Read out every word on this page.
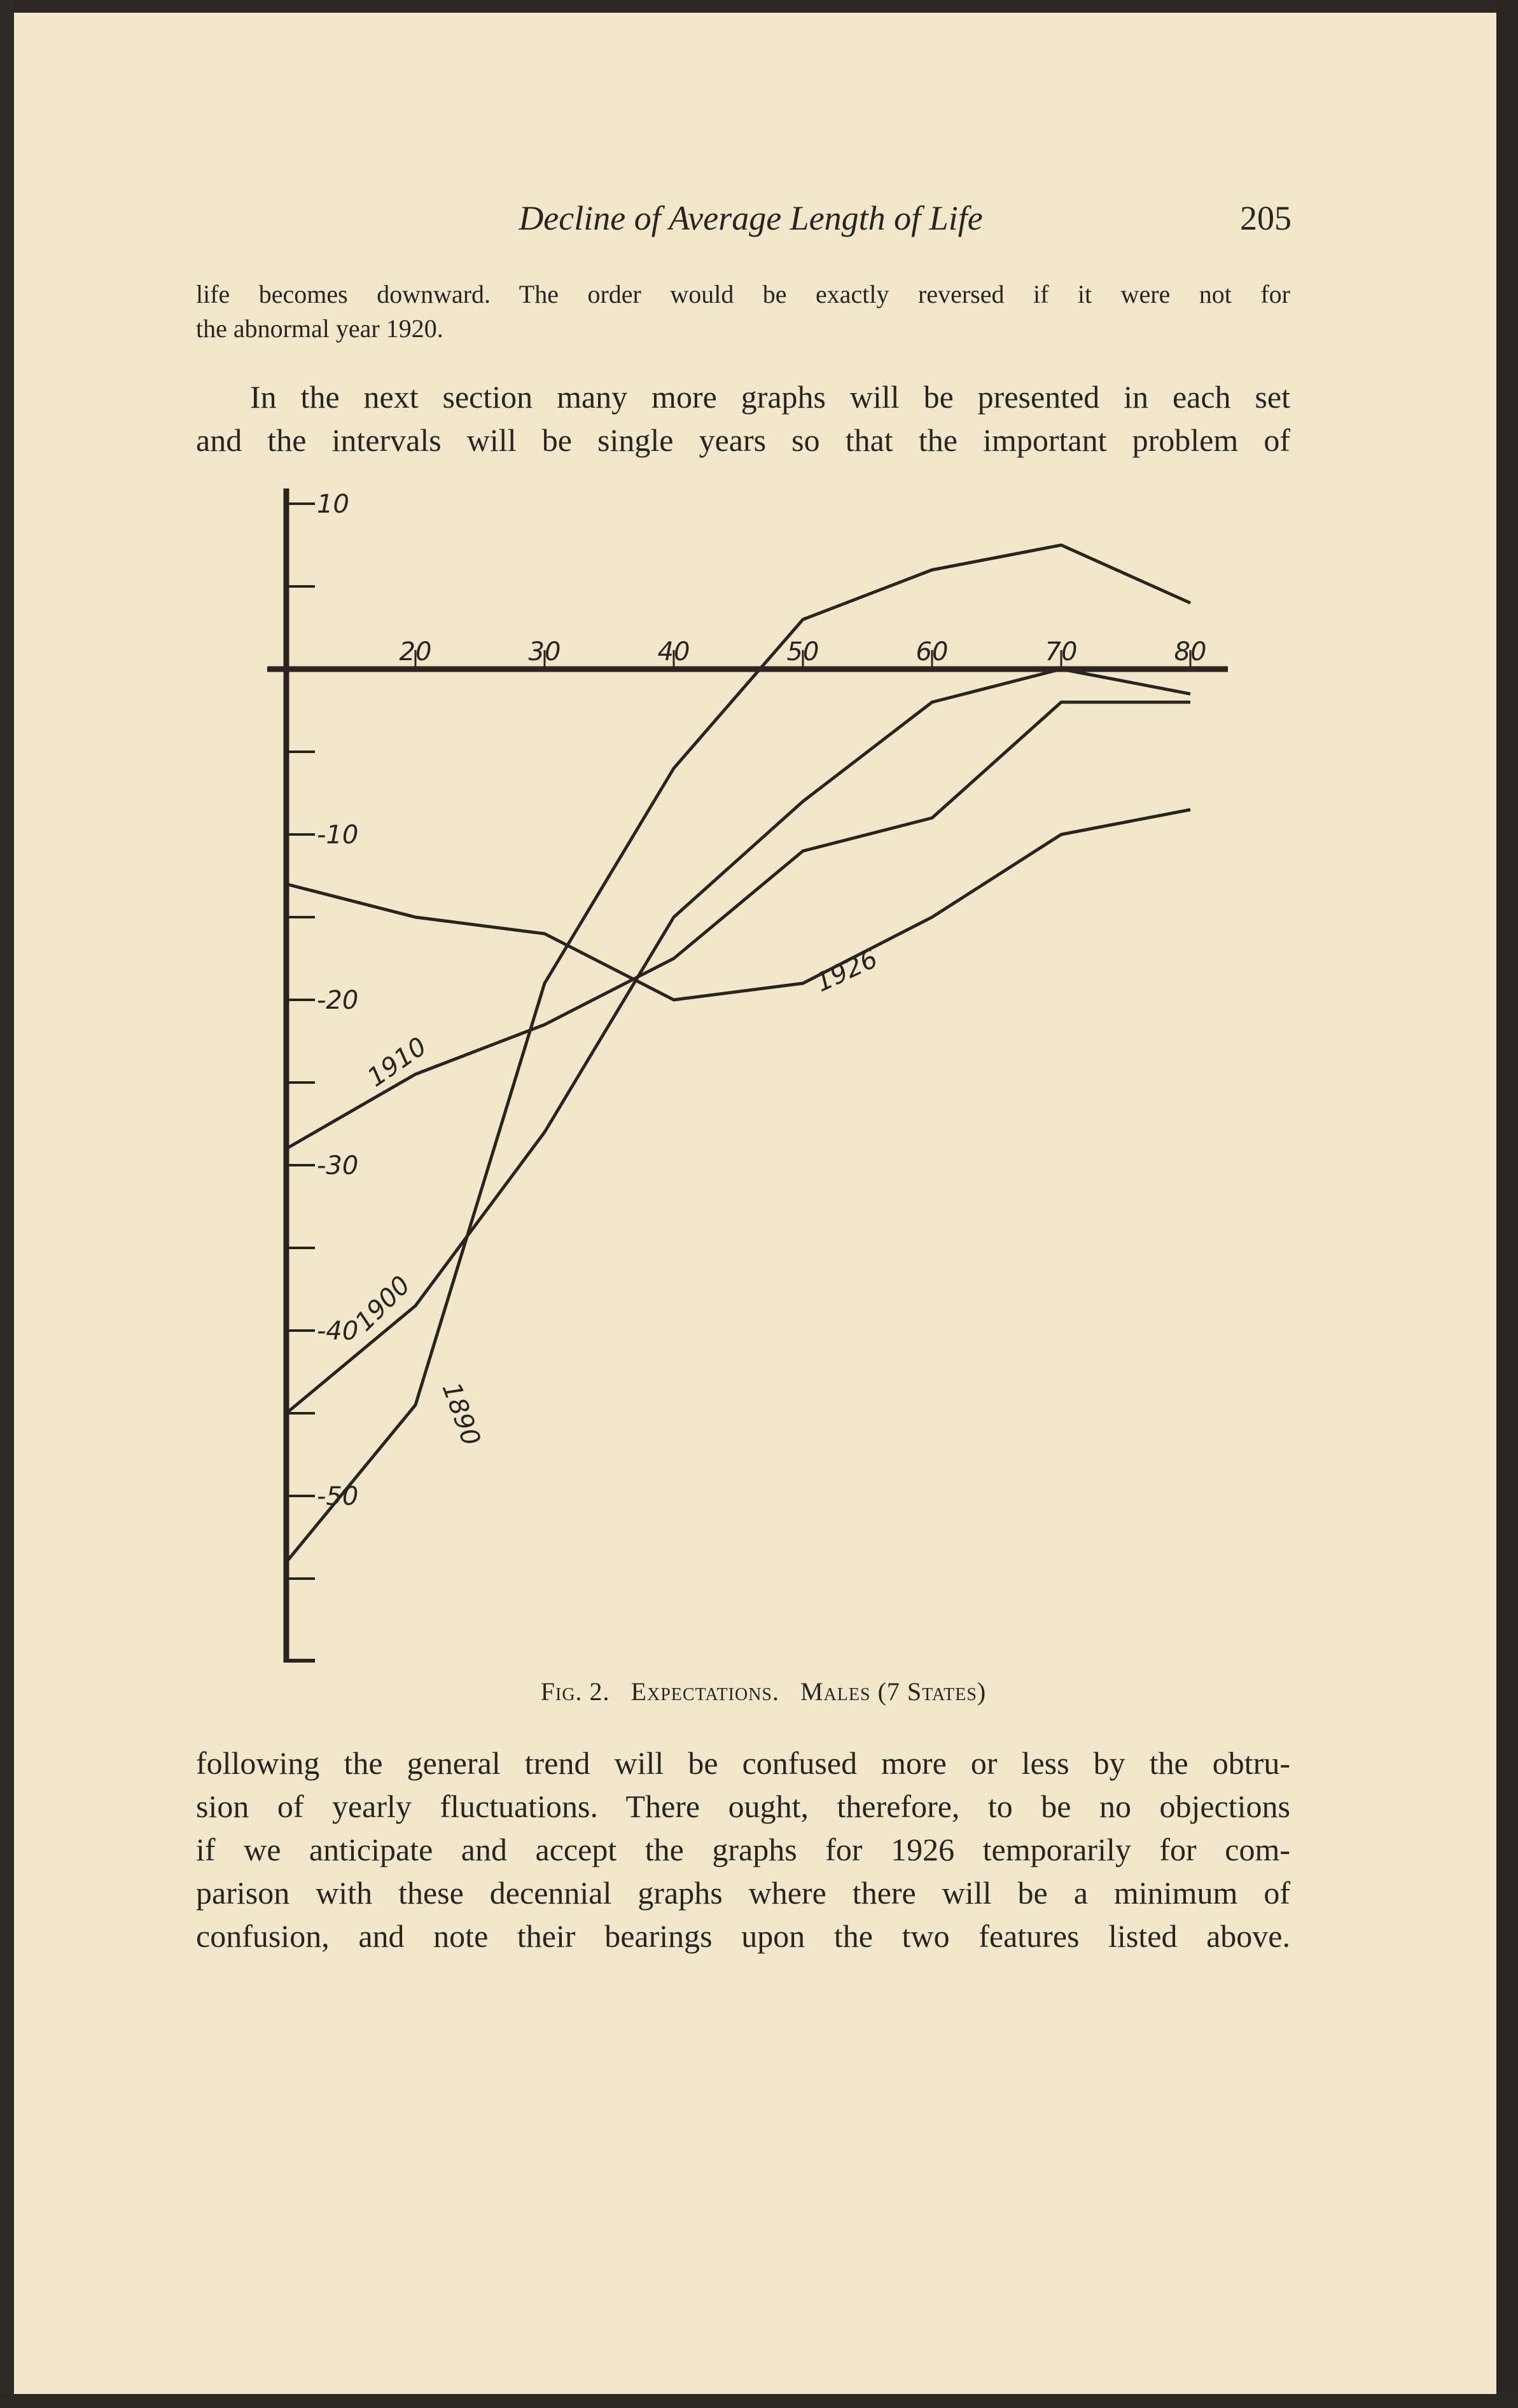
Decline of Average Length of Life	205
life becomes downward. The order would be exactly reversed if it were not for
the abnormal year 1920.
In the next section many more graphs will be presented in each set
and the intervals will be single years so that the important problem of
10
-10
-20
-30
-40
-50
20	30	40	50	60	70	80
1890
1900
1910
1926
Fig. 2. Expectations. Males (7 States)
following the general trend will be confused more or less by the obtru-
sion of yearly fluctuations. There ought, therefore, to be no objections
if we anticipate and accept the graphs for 1926 temporarily for com-
parison with these decennial graphs where there will be a minimum of
confusion, and note their bearings upon the two features listed above.
